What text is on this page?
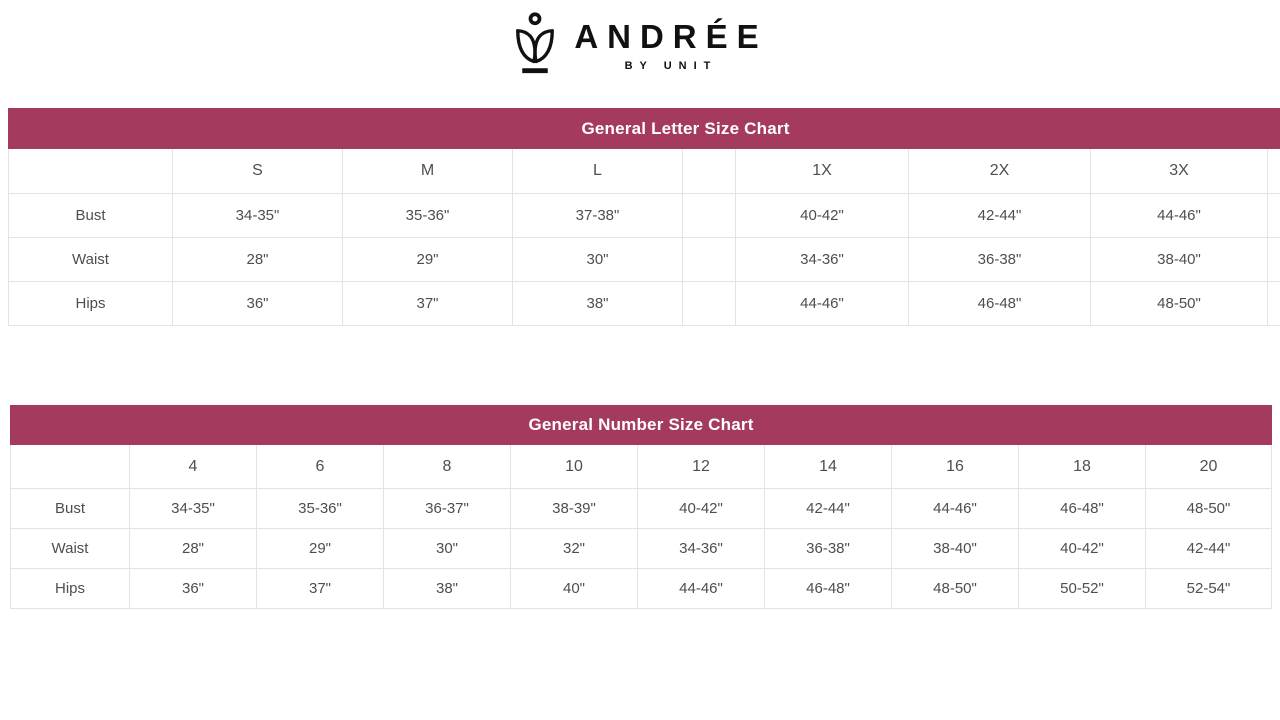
ANDRÉE
BY UNIT
General Letter Size Chart								
	S	M	L		1X	2X	3X	
Bust	34-35"	35-36"	37-38"		40-42"	42-44"	44-46"	
Waist	28"	29"	30"		34-36"	36-38"	38-40"	
Hips	36"	37"	38"		44-46"	46-48"	48-50"	
General Number Size Chart									
	4	6	8	10	12	14	16	18	20
Bust	34-35"	35-36"	36-37"	38-39"	40-42"	42-44"	44-46"	46-48"	48-50"
Waist	28"	29"	30"	32"	34-36"	36-38"	38-40"	40-42"	42-44"
Hips	36"	37"	38"	40"	44-46"	46-48"	48-50"	50-52"	52-54"
